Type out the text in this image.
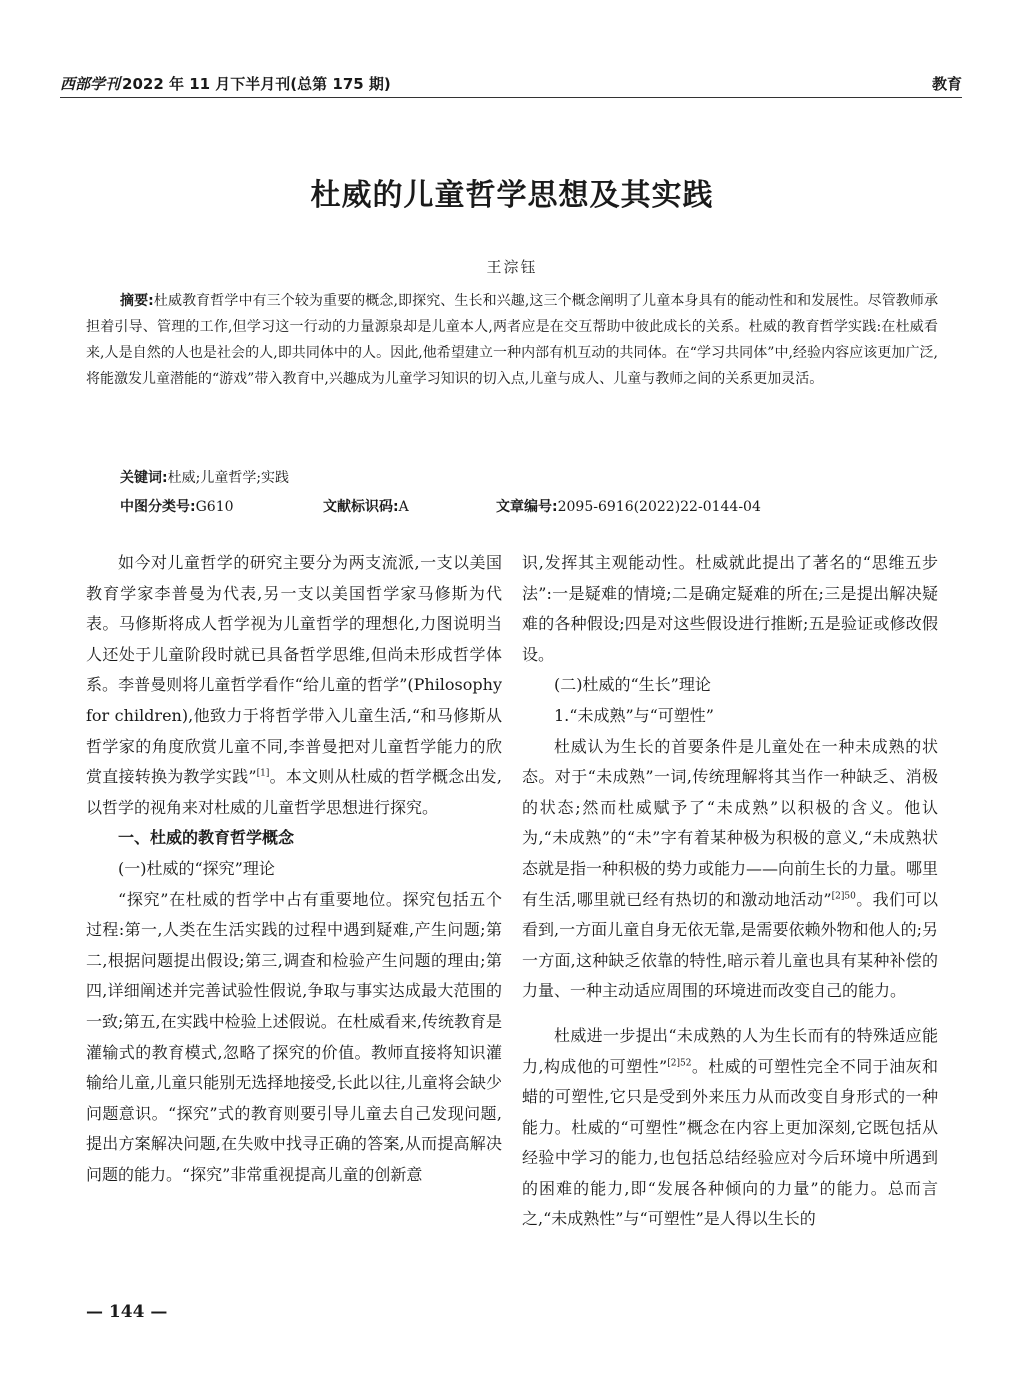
西部学刊 2022 年 11 月下半月刊(总第 175 期)	教育
杜威的儿童哲学思想及其实践
王淙钰
摘要:杜威教育哲学中有三个较为重要的概念,即探究、生长和兴趣,这三个概念阐明了儿童本身具有的能动性和和发展性。尽管教师承担着引导、管理的工作,但学习这一行动的力量源泉却是儿童本人,两者应是在交互帮助中彼此成长的关系。杜威的教育哲学实践:在杜威看来,人是自然的人也是社会的人,即共同体中的人。因此,他希望建立一种内部有机互动的共同体。在“学习共同体”中,经验内容应该更加广泛,将能激发儿童潜能的“游戏”带入教育中,兴趣成为儿童学习知识的切入点,儿童与成人、儿童与教师之间的关系更加灵活。
关键词:杜威;儿童哲学;实践
中图分类号:G610	文献标识码:A	文章编号:2095-6916(2022)22-0144-04

如今对儿童哲学的研究主要分为两支流派,一支以美国教育学家李普曼为代表,另一支以美国哲学家马修斯为代表。马修斯将成人哲学视为儿童哲学的理想化,力图说明当人还处于儿童阶段时就已具备哲学思维,但尚未形成哲学体系。李普曼则将儿童哲学看作“给儿童的哲学”(Philosophy for children),他致力于将哲学带入儿童生活,“和马修斯从哲学家的角度欣赏儿童不同,李普曼把对儿童哲学能力的欣赏直接转换为教学实践”[1]。本文则从杜威的哲学概念出发,以哲学的视角来对杜威的儿童哲学思想进行探究。

一、杜威的教育哲学概念
(一)杜威的“探究”理论

“探究”在杜威的哲学中占有重要地位。探究包括五个过程:第一,人类在生活实践的过程中遇到疑难,产生问题;第二,根据问题提出假设;第三,调查和检验产生问题的理由;第四,详细阐述并完善试验性假说,争取与事实达成最大范围的一致;第五,在实践中检验上述假说。在杜威看来,传统教育是灌输式的教育模式,忽略了探究的价值。教师直接将知识灌输给儿童,儿童只能别无选择地接受,长此以往,儿童将会缺少问题意识。“探究”式的教育则要引导儿童去自己发现问题,提出方案解决问题,在失败中找寻正确的答案,从而提高解决问题的能力。“探究”非常重视提高儿童的创新意

识,发挥其主观能动性。杜威就此提出了著名的“思维五步法”:一是疑难的情境;二是确定疑难的所在;三是提出解决疑难的各种假设;四是对这些假设进行推断;五是验证或修改假设。

(二)杜威的“生长”理论
1.“未成熟”与“可塑性”

杜威认为生长的首要条件是儿童处在一种未成熟的状态。对于“未成熟”一词,传统理解将其当作一种缺乏、消极的状态;然而杜威赋予了“未成熟”以积极的含义。他认为,“未成熟”的“未”字有着某种极为积极的意义,“未成熟状态就是指一种积极的势力或能力——向前生长的力量。哪里有生活,哪里就已经有热切的和激动地活动”$^{[2]50}$。我们可以看到,一方面儿童自身无依无靠,是需要依赖外物和他人的;另一方面,这种缺乏依靠的特性,暗示着儿童也具有某种补偿的力量、一种主动适应周围的环境进而改变自己的能力。

杜威进一步提出“未成熟的人为生长而有的特殊适应能力,构成他的可塑性”$^{[2]52}$。杜威的可塑性完全不同于油灰和蜡的可塑性,它只是受到外来压力从而改变自身形式的一种能力。杜威的“可塑性”概念在内容上更加深刻,它既包括从经验中学习的能力,也包括总结经验应对今后环境中所遇到的困难的能力,即“发展各种倾向的力量”的能力。总而言之,“未成熟性”与“可塑性”是人得以生长的

— 144 —
